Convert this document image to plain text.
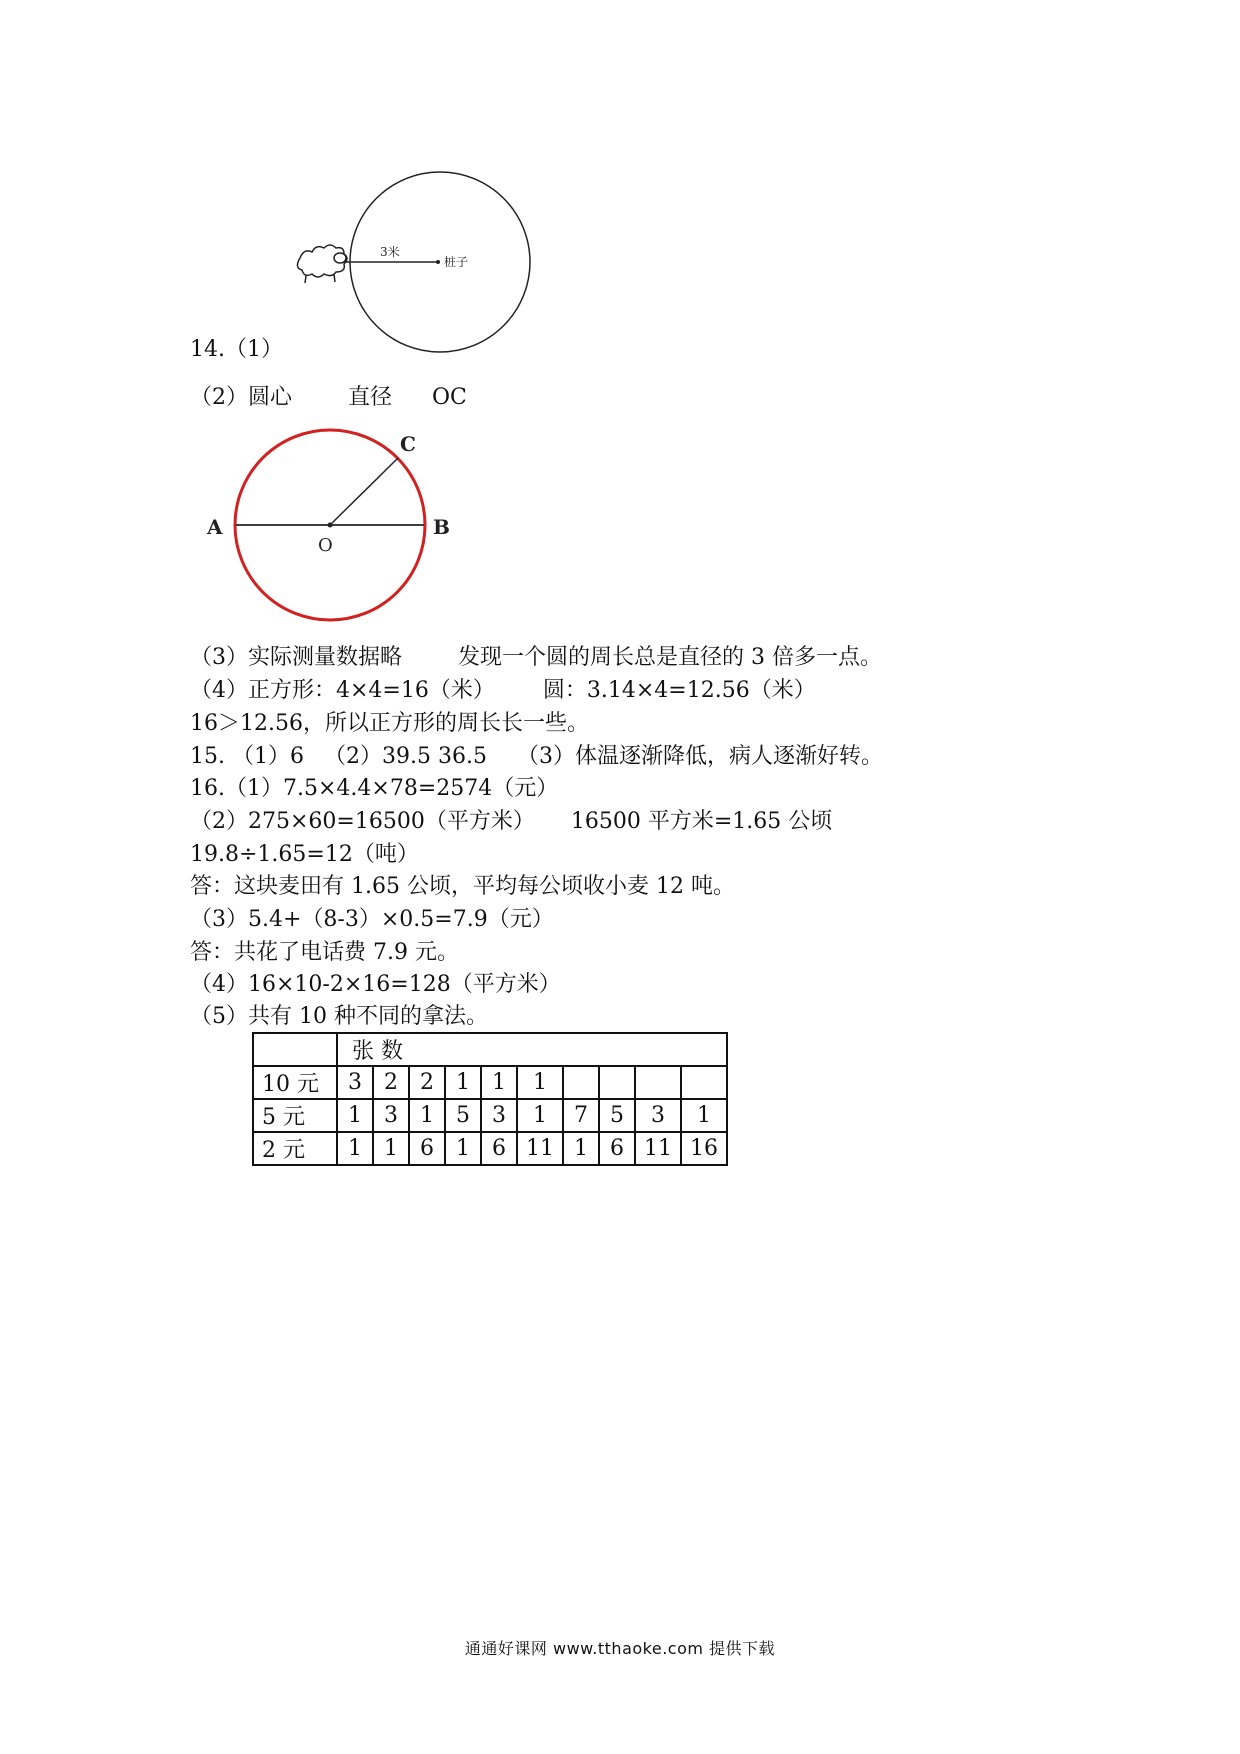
3米
桩子
14.（1）
（2）圆心	直径 OC
A	B
C
O
（3）实际测量数据略	发现一个圆的周长总是直径的 3 倍多一点。
（4）正方形：4×4=16（米） 圆：3.14×4=12.56（米）
16＞12.56，所以正方形的周长长一些。
15. （1）6 （2）39.5 36.5 （3）体温逐渐降低，病人逐渐好转。
16.（1）7.5×4.4×78=2574（元）
（2）275×60=16500（平方米） 16500 平方米=1.65 公顷
19.8÷1.65=12（吨）
答：这块麦田有 1.65 公顷，平均每公顷收小麦 12 吨。
（3）5.4+（8-3）×0.5=7.9（元）
答：共花了电话费 7.9 元。
（4）16×10-2×16=128（平方米）
（5）共有 10 种不同的拿法。
	张 数									
10 元	3	2	2	1	1	1				
5 元	1	3	1	5	3	1	7	5	3	1
2 元	1	1	6	1	6	11	1	6	11	16
通通好课网 www.tthaoke.com 提供下载
